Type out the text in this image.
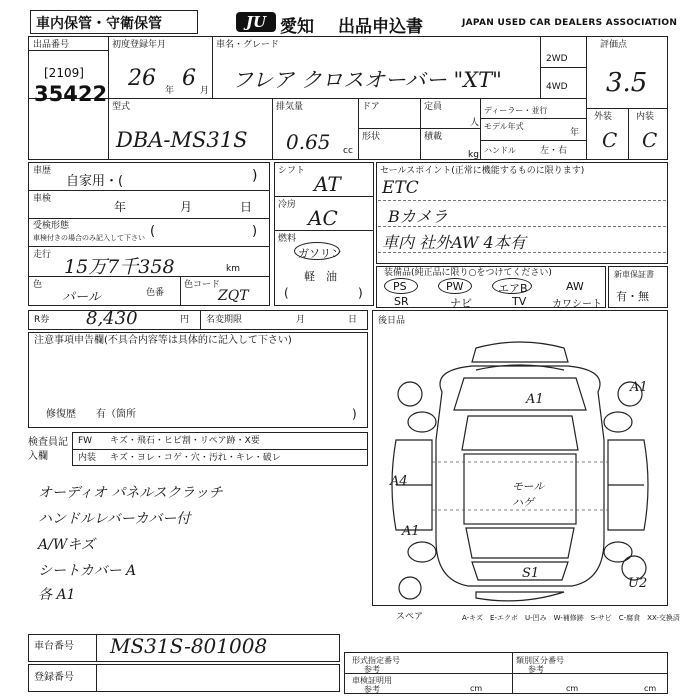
車内保管・守衛保管	JU 愛知 出品申込書	JAPAN USED CAR DEALERS ASSOCIATION
出品番号
[2109]
35422
初度登録年月
26 年 6 月
車名・グレード
フレア クロスオーバー "XT"
2WD
4WD
評価点
3.5
型式
DBA-MS31S
排気量
0.65 cc
ドア
形状
定員
人
積載
kg
ディーラー・並行
モデル年式
年
ハンドル	左・右
外装	内装
C C
車歴
自家用・(	)
車検
年	月	日
受検形態
車検付きの場合のみ記入して下さい (	)
走行
15万7千358	km
色
パール	色番
色コード
ZQT
シフト
AT
冷房
AC
燃料
ガソリン
軽　油
(	)
セールスポイント(正常に機能するものに限ります)
ETC
Bカメラ
車内 社外AW 4本有
装備品(純正品に限り○をつけてください)
PS	PW	エアB	AW
SR	ナビ	TV	カワシート
新車保証書
有・無
R券 8,430	円 名変期限	月	日
注意事項申告欄(不具合内容等は具体的に記入して下さい)
修復歴　　有（箇所	)
後日品
検査員記入欄
FW キズ・飛石・ヒビ割・リペア跡・X要
内装 キズ・ヨレ・コゲ・穴・汚れ・キレ・破レ
オーディオ パネルスクラッチ
ハンドルレバーカバー付
A/Wキズ
シートカバー A
各 A1
A1
A1
A4
A1
モール ハゲ
S1
U2
スペア	A-キズ　E-エクボ　U-凹み　W-補修跡　S-サビ　C-腐食　XX-交換済
車台番号 MS31S-801008
登録番号
形式指定番号
参考
類別区分番号
参考
車検証明用
参考	cm	cm	cm
